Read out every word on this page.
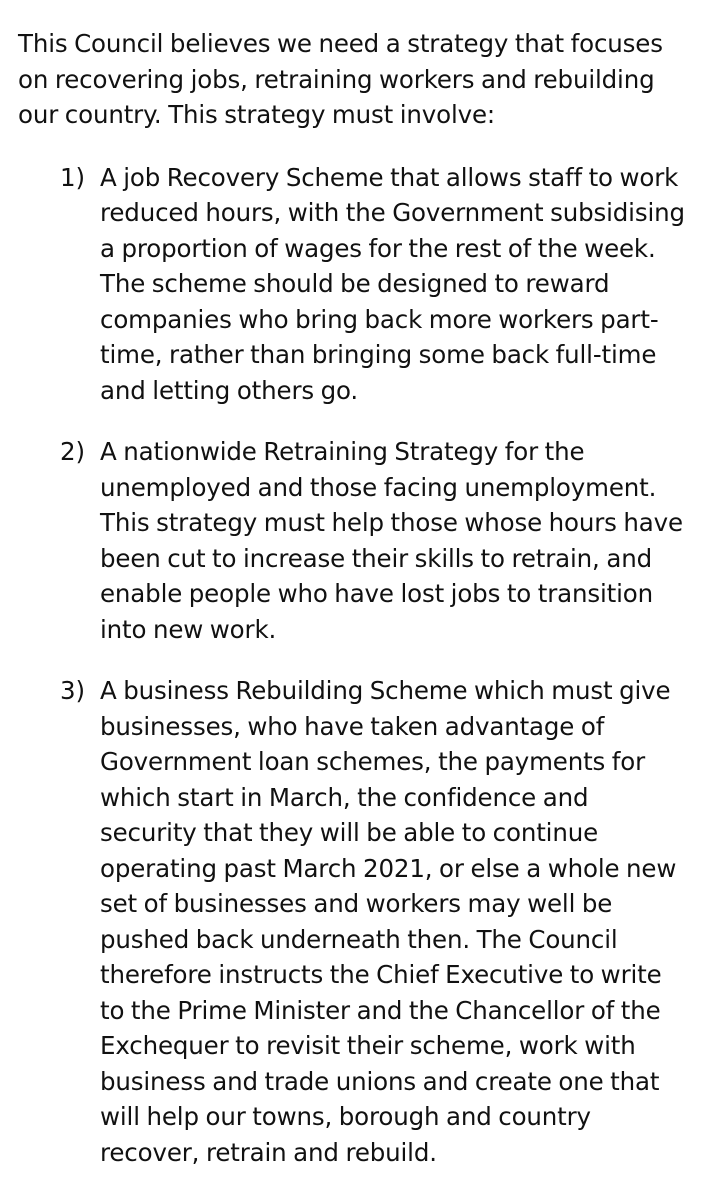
This Council believes we need a strategy that focuses on recovering jobs, retraining workers and rebuilding our country. This strategy must involve:

1) A job Recovery Scheme that allows staff to work reduced hours, with the Government subsidising a proportion of wages for the rest of the week. The scheme should be designed to reward companies who bring back more workers part-time, rather than bringing some back full-time and letting others go.
2) A nationwide Retraining Strategy for the unemployed and those facing unemployment. This strategy must help those whose hours have been cut to increase their skills to retrain, and enable people who have lost jobs to transition into new work.
3) A business Rebuilding Scheme which must give businesses, who have taken advantage of Government loan schemes, the payments for which start in March, the confidence and security that they will be able to continue operating past March 2021, or else a whole new set of businesses and workers may well be pushed back underneath then. The Council therefore instructs the Chief Executive to write to the Prime Minister and the Chancellor of the Exchequer to revisit their scheme, work with business and trade unions and create one that will help our towns, borough and country recover, retrain and rebuild.
